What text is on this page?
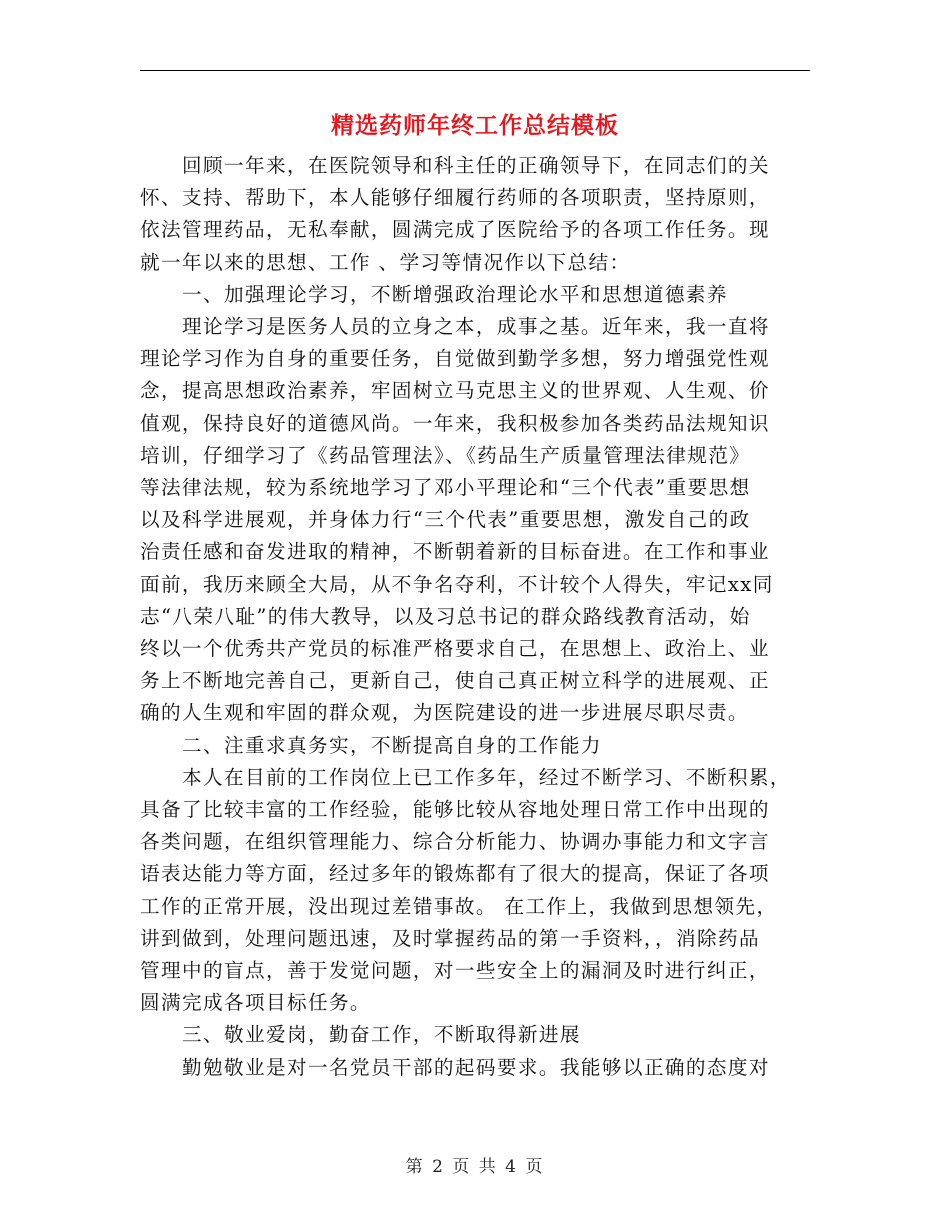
精选药师年终工作总结模板
回顾一年来，在医院领导和科主任的正确领导下，在同志们的关
怀、支持、帮助下，本人能够仔细履行药师的各项职责，坚持原则，
依法管理药品，无私奉献，圆满完成了医院给予的各项工作任务。现
就一年以来的思想、工作 、学习等情况作以下总结：
一、加强理论学习，不断增强政治理论水平和思想道德素养
理论学习是医务人员的立身之本，成事之基。近年来，我一直将
理论学习作为自身的重要任务，自觉做到勤学多想，努力增强党性观
念，提高思想政治素养，牢固树立马克思主义的世界观、人生观、价
值观，保持良好的道德风尚。一年来，我积极参加各类药品法规知识
培训，仔细学习了《药品管理法》、《药品生产质量管理法律规范》
等法律法规，较为系统地学习了邓小平理论和“三个代表”重要思想
以及科学进展观，并身体力行“三个代表”重要思想，激发自己的政
治责任感和奋发进取的精神，不断朝着新的目标奋进。在工作和事业
面前，我历来顾全大局，从不争名夺利，不计较个人得失，牢记xx同
志“八荣八耻”的伟大教导，以及习总书记的群众路线教育活动，始
终以一个优秀共产党员的标准严格要求自己，在思想上、政治上、业
务上不断地完善自己，更新自己，使自己真正树立科学的进展观、正
确的人生观和牢固的群众观，为医院建设的进一步进展尽职尽责。
二、注重求真务实，不断提高自身的工作能力
本人在目前的工作岗位上已工作多年，经过不断学习、不断积累，
具备了比较丰富的工作经验，能够比较从容地处理日常工作中出现的
各类问题，在组织管理能力、综合分析能力、协调办事能力和文字言
语表达能力等方面，经过多年的锻炼都有了很大的提高，保证了各项
工作的正常开展，没出现过差错事故。 在工作上，我做到思想领先，
讲到做到，处理问题迅速，及时掌握药品的第一手资料，，消除药品
管理中的盲点，善于发觉问题，对一些安全上的漏洞及时进行纠正，
圆满完成各项目标任务。
三、敬业爱岗，勤奋工作，不断取得新进展
勤勉敬业是对一名党员干部的起码要求。我能够以正确的态度对
第 2 页 共 4 页
